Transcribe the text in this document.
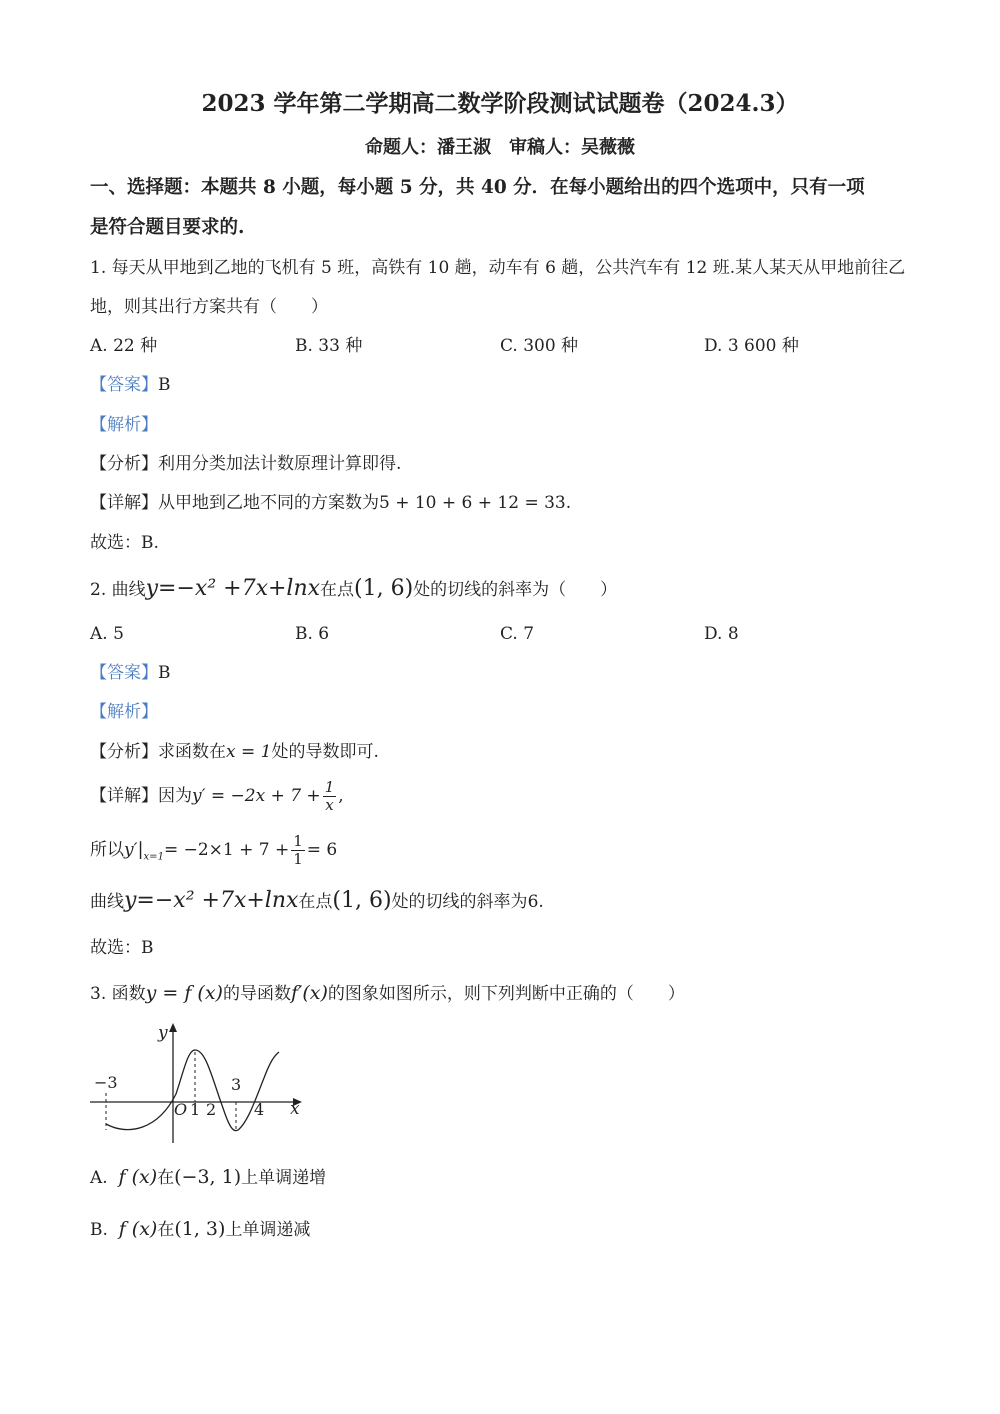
2023 学年第二学期高二数学阶段测试试题卷（2024.3）
命题人：潘王淑　审稿人：吴薇薇
一、选择题：本题共 8 小题，每小题 5 分，共 40 分．在每小题给出的四个选项中，只有一项
是符合题目要求的.
1. 每天从甲地到乙地的飞机有 5 班，高铁有 10 趟，动车有 6 趟，公共汽车有 12 班.某人某天从甲地前往乙
地，则其出行方案共有（　　）
A. 22 种	B. 33 种	C. 300 种	D. 3 600 种
【答案】B
【解析】
【分析】利用分类加法计数原理计算即得.
【详解】从甲地到乙地不同的方案数为5 + 10 + 6 + 12 = 33.
故选：B.
2. 曲线y=−x² +7x+lnx在点(1, 6)处的切线的斜率为（　　）
A. 5	B. 6	C. 7	D. 8
【答案】B
【解析】
【分析】求函数在x = 1处的导数即可.
【详解】因为$y' = -2x + 7 + \frac{1}{x}$ ,
所以$y'|_{x=1}= -2\times 1 + 7 + \frac{1}{1} = 6$
曲线y=−x² +7x+lnx在点(1, 6)处的切线的斜率为6.
故选：B
3. 函数y = f (x)的导函数f′(x)的图象如图所示，则下列判断中正确的（　　）
y
x
−3
O 1 2
3
4
A. f (x)在(−3, 1)上单调递增
B. f (x)在(1, 3)上单调递减
